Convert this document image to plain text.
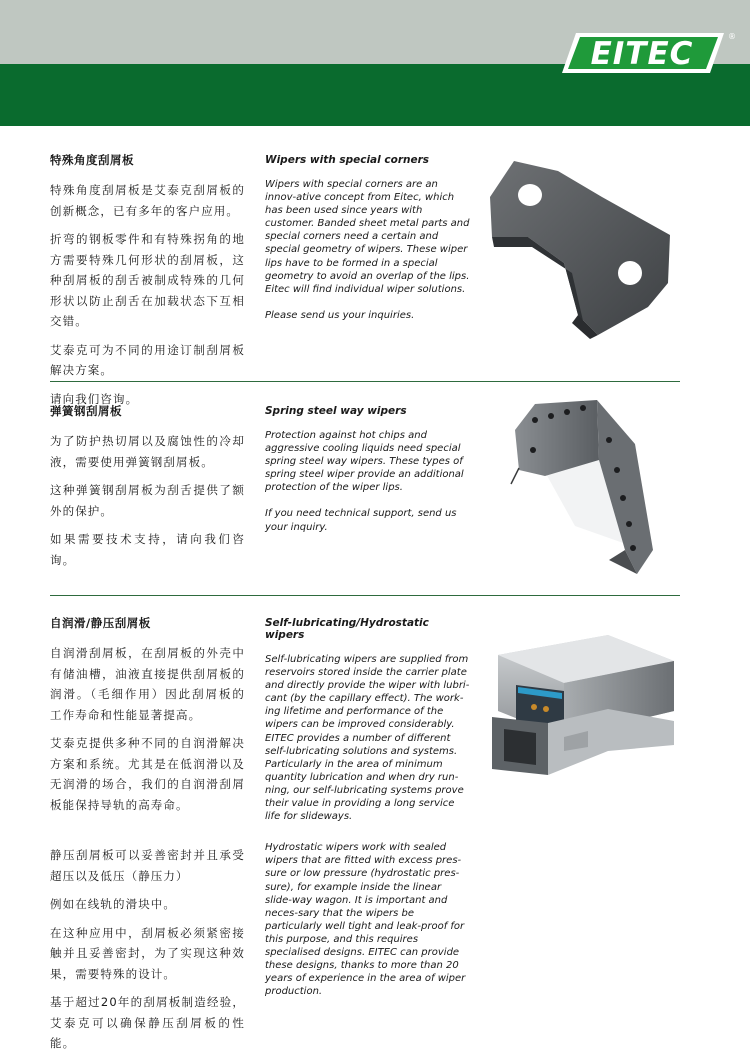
EITEC	®
特殊角度刮屑板

特殊角度刮屑板是艾泰克刮屑板的创新概念，已有多年的客户应用。

折弯的钢板零件和有特殊拐角的地方需要特殊几何形状的刮屑板，这种刮屑板的刮舌被制成特殊的几何形状以防止刮舌在加载状态下互相交错。

艾泰克可为不同的用途订制刮屑板解决方案。

请向我们咨询。

Wipers with special corners

Wipers with special corners are an innov-ative concept from Eitec, which has been used since years with customer. Banded sheet metal parts and special corners need a certain and special geometry of wipers. These wiper lips have to be formed in a special geometry to avoid an overlap of the lips. Eitec will find individual wiper solutions.

Please send us your inquiries.

弹簧钢刮屑板

为了防护热切屑以及腐蚀性的冷却液，需要使用弹簧钢刮屑板。

这种弹簧钢刮屑板为刮舌提供了额外的保护。

如果需要技术支持，请向我们咨询。

Spring steel way wipers

Protection against hot chips and aggressive cooling liquids need special spring steel way wipers. These types of spring steel wiper provide an additional protection of the wiper lips.

If you need technical support, send us your inquiry.

自润滑/静压刮屑板

自润滑刮屑板，在刮屑板的外壳中有储油槽，油液直接提供刮屑板的润滑。（毛细作用）因此刮屑板的工作寿命和性能显著提高。

艾泰克提供多种不同的自润滑解决方案和系统。尤其是在低润滑以及无润滑的场合，我们的自润滑刮屑板能保持导轨的高寿命。

静压刮屑板可以妥善密封并且承受超压以及低压（静压力）

例如在线轨的滑块中。

在这种应用中，刮屑板必须紧密接触并且妥善密封，为了实现这种效果，需要特殊的设计。

基于超过20年的刮屑板制造经验，艾泰克可以确保静压刮屑板的性能。

Self-lubricating/Hydrostatic wipers

Self-lubricating wipers are supplied from reservoirs stored inside the carrier plate and directly provide the wiper with lubri-cant (by the capillary effect). The work-ing lifetime and performance of the wipers can be improved considerably. EITEC provides a number of different self-lubricating solutions and systems. Particularly in the area of minimum quantity lubrication and when dry run-ning, our self-lubricating systems prove their value in providing a long service life for slideways.

Hydrostatic wipers work with sealed wipers that are fitted with excess pres-sure or low pressure (hydrostatic pres-sure), for example inside the linear slide-way wagon. It is important and neces-sary that the wipers be particularly well tight and leak-proof for this purpose, and this requires specialised designs. EITEC can provide these designs, thanks to more than 20 years of experience in the area of wiper production.
